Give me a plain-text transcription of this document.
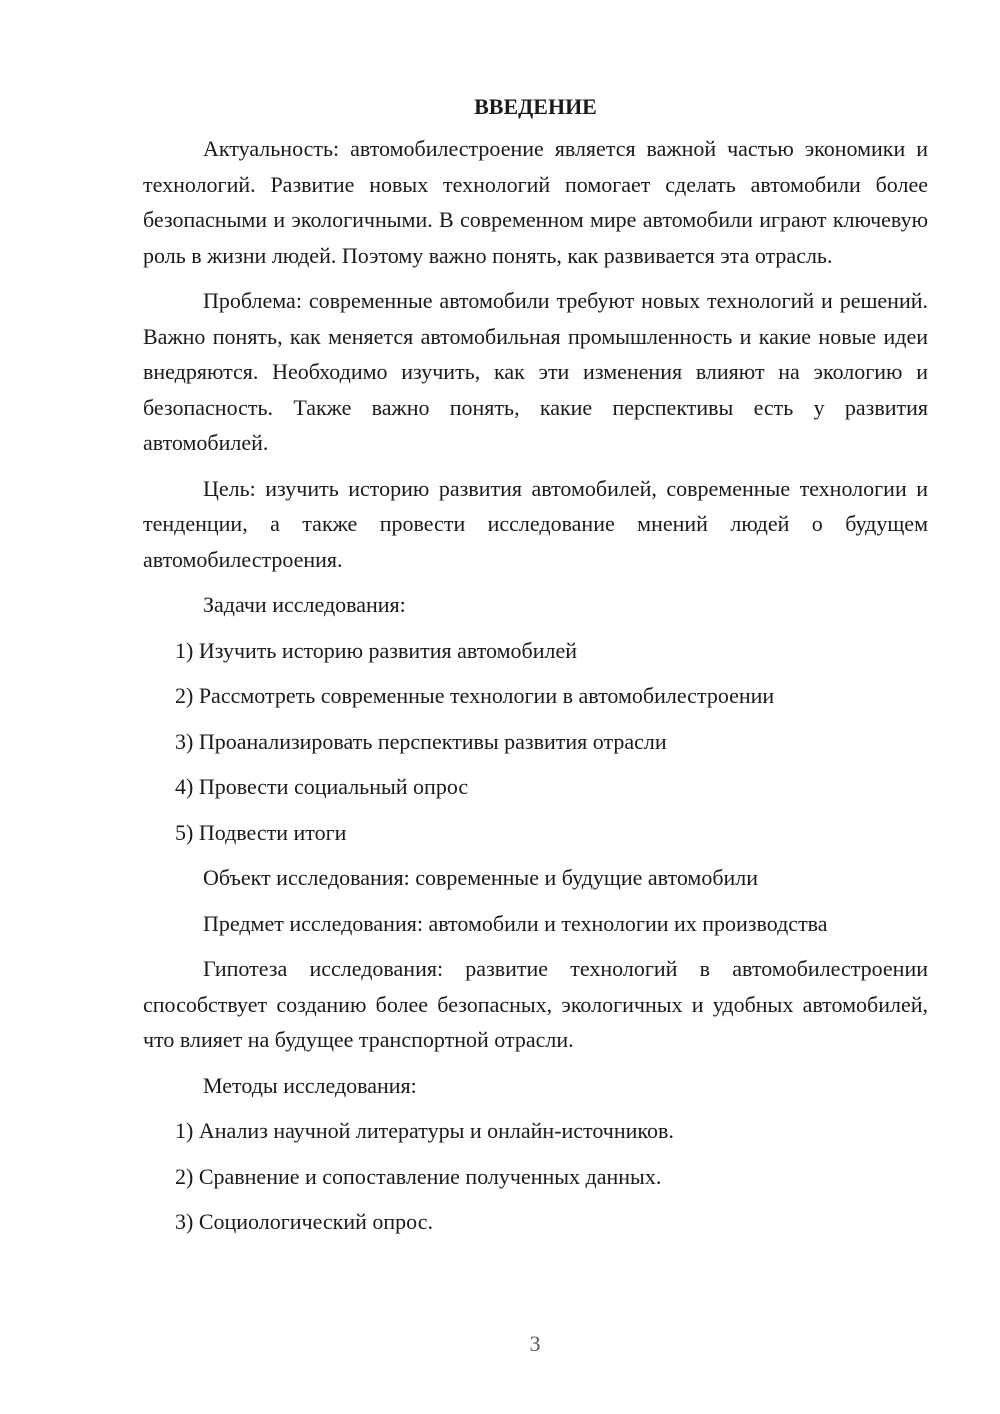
ВВЕДЕНИЕ

Актуальность: автомобилестроение является важной частью экономики и технологий. Развитие новых технологий помогает сделать автомобили более безопасными и экологичными. В современном мире автомобили играют ключевую роль в жизни людей. Поэтому важно понять, как развивается эта отрасль.

Проблема: современные автомобили требуют новых технологий и решений. Важно понять, как меняется автомобильная промышленность и какие новые идеи внедряются. Необходимо изучить, как эти изменения влияют на экологию и безопасность. Также важно понять, какие перспективы есть у развития автомобилей.

Цель: изучить историю развития автомобилей, современные технологии и тенденции, а также провести исследование мнений людей о будущем автомобилестроения.

Задачи исследования:
1) Изучить историю развития автомобилей
2) Рассмотреть современные технологии в автомобилестроении
3) Проанализировать перспективы развития отрасли
4) Провести социальный опрос
5) Подвести итоги
Объект исследования: современные и будущие автомобили
Предмет исследования: автомобили и технологии их производства

Гипотеза исследования: развитие технологий в автомобилестроении способствует созданию более безопасных, экологичных и удобных автомобилей, что влияет на будущее транспортной отрасли.

Методы исследования:
1) Анализ научной литературы и онлайн-источников.
2) Сравнение и сопоставление полученных данных.
3) Социологический опрос.
3
